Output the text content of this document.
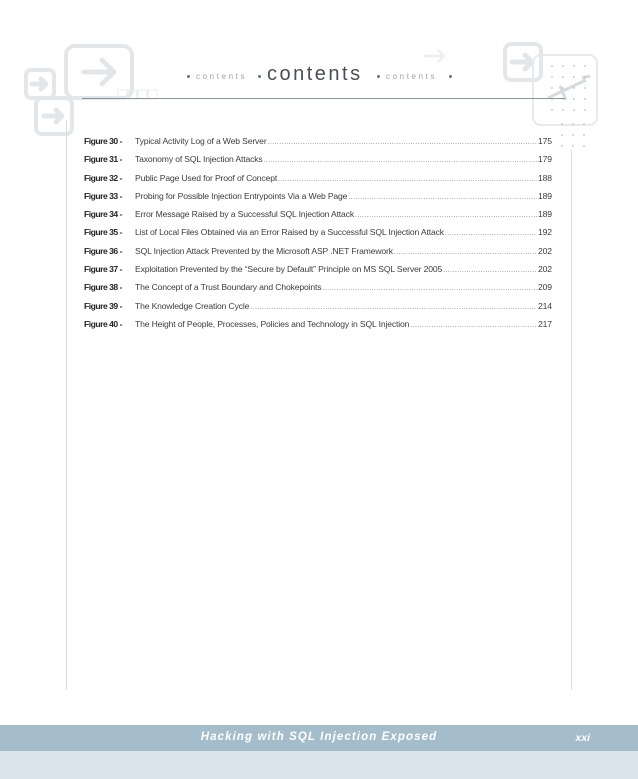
contents contents	contents
Figure 30 -	Typical Activity Log of a Web Server .....	175
Figure 31 -	Taxonomy of SQL Injection Attacks .....	179
Figure 32 -	Public Page Used for Proof of Concept .....	188
Figure 33 -	Probing for Possible Injection Entrypoints Via a Web Page .....	189
Figure 34 -	Error Message Raised by a Successful SQL Injection Attack .....	189
Figure 35 -	List of Local Files Obtained via an Error Raised by a Successful SQL Injection Attack .....	192
Figure 36 -	SQL Injection Attack Prevented by the Microsoft ASP .NET Framework .....	202
Figure 37 -	Exploitation Prevented by the “Secure by Default” Principle on MS SQL Server 2005 .....	202
Figure 38 -	The Concept of a Trust Boundary and Chokepoints .....	209
Figure 39 -	The Knowledge Creation Cycle .....	214
Figure 40 -	The Height of People, Processes, Policies and Technology in SQL Injection .....	217
Hacking with SQL Injection Exposed	xxi
